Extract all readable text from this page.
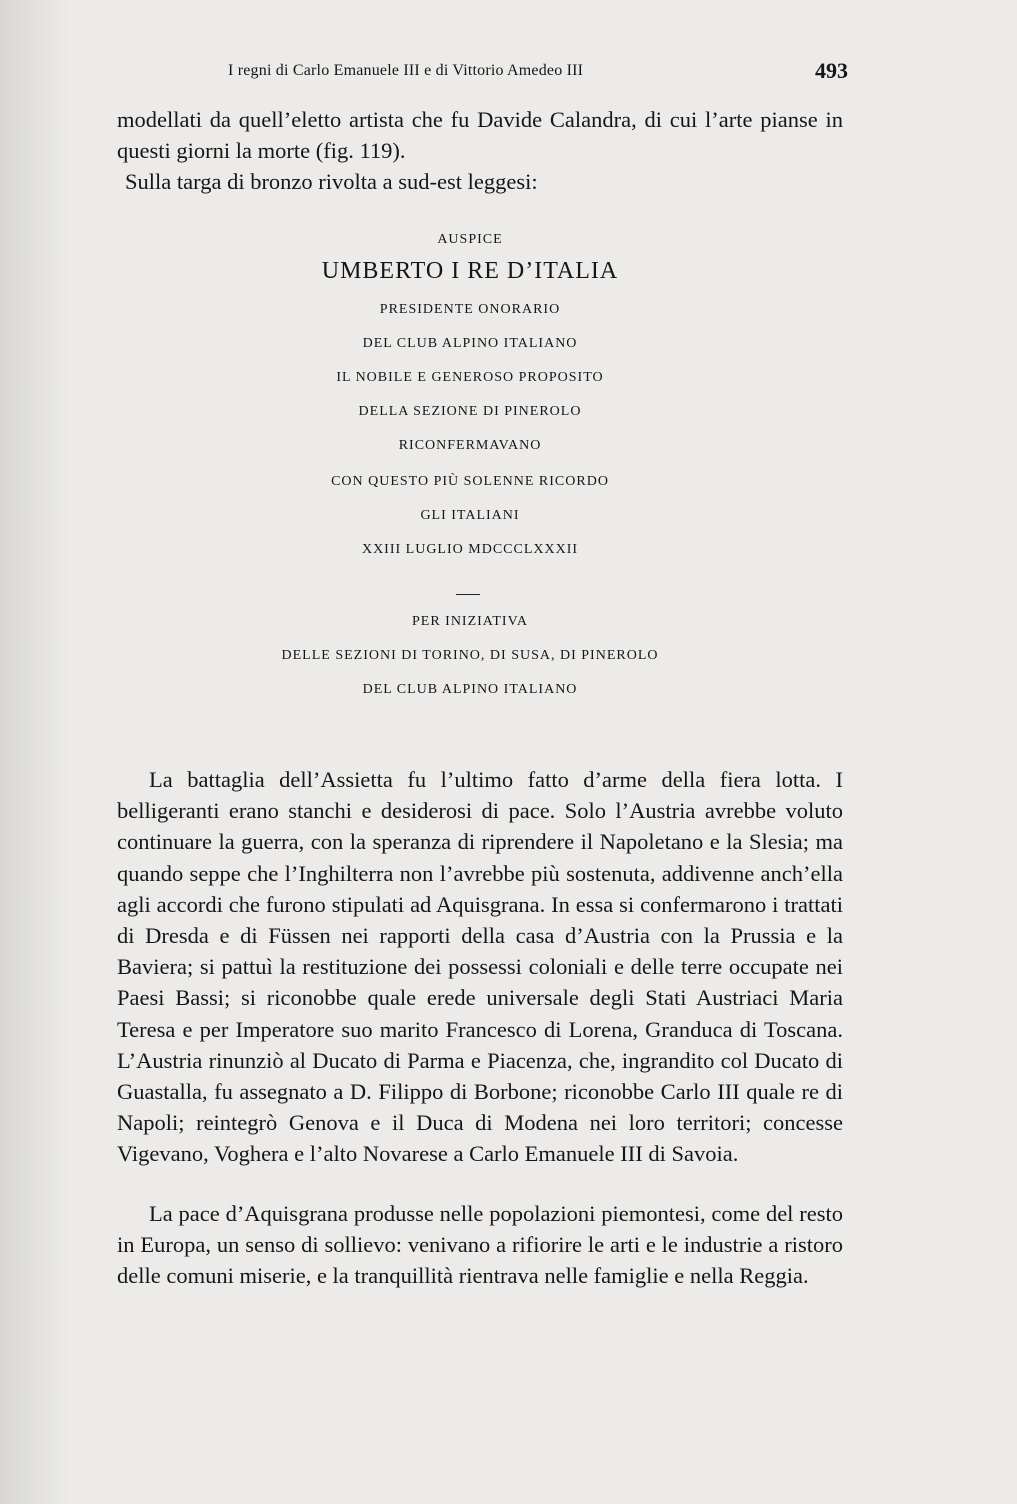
I regni di Carlo Emanuele III e di Vittorio Amedeo III	493

modellati da quell’eletto artista che fu Davide Calandra, di cui l’arte pianse in questi giorni la morte (fig. 119).

Sulla targa di bronzo rivolta a sud-est leggesi:

AUSPICE

UMBERTO I RE D’ITALIA

PRESIDENTE ONORARIO

DEL CLUB ALPINO ITALIANO

IL NOBILE E GENEROSO PROPOSITO

DELLA SEZIONE DI PINEROLO

RICONFERMAVANO

CON QUESTO PIÙ SOLENNE RICORDO

GLI ITALIANI

XXIII LUGLIO MDCCCLXXXII

PER INIZIATIVA

DELLE SEZIONI DI TORINO, DI SUSA, DI PINEROLO

DEL CLUB ALPINO ITALIANO

La battaglia dell’Assietta fu l’ultimo fatto d’arme della fiera lotta. I belligeranti erano stanchi e desiderosi di pace. Solo l’Austria avrebbe voluto continuare la guerra, con la speranza di riprendere il Napoletano e la Slesia; ma quando seppe che l’Inghilterra non l’avrebbe più sostenuta, addivenne anch’ella agli accordi che furono stipulati ad Aquisgrana. In essa si confermarono i trattati di Dresda e di Füssen nei rapporti della casa d’Austria con la Prussia e la Baviera; si pattuì la restituzione dei possessi coloniali e delle terre occupate nei Paesi Bassi; si riconobbe quale erede universale degli Stati Austriaci Maria Teresa e per Imperatore suo marito Francesco di Lorena, Granduca di Toscana. L’Austria rinunziò al Ducato di Parma e Piacenza, che, ingrandito col Ducato di Guastalla, fu assegnato a D. Filippo di Borbone; riconobbe Carlo III quale re di Napoli; reintegrò Genova e il Duca di Modena nei loro territori; concesse Vigevano, Voghera e l’alto Novarese a Carlo Emanuele III di Savoia.

La pace d’Aquisgrana produsse nelle popolazioni piemontesi, come del resto in Europa, un senso di sollievo: venivano a rifiorire le arti e le industrie a ristoro delle comuni miserie, e la tranquillità rientrava nelle famiglie e nella Reggia.
